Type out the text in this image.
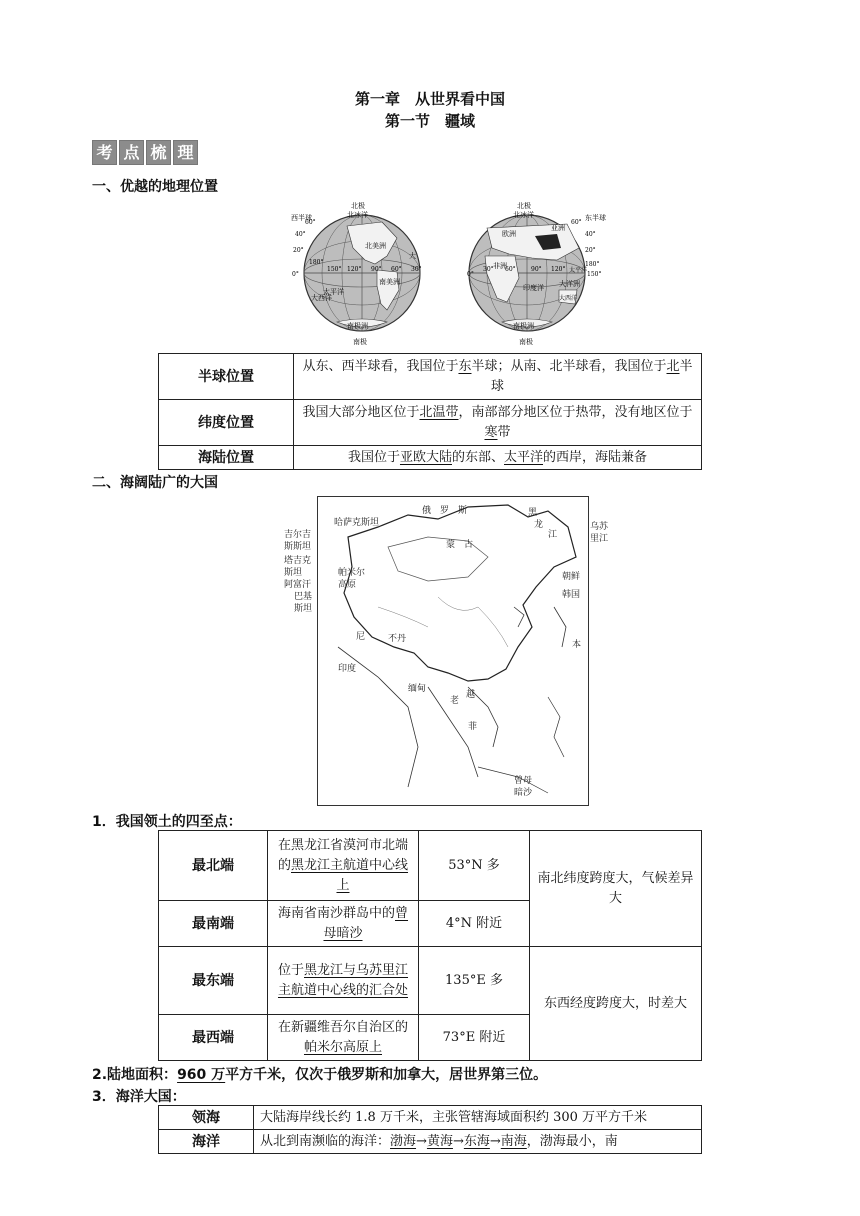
第一章　从世界看中国
第一节　疆域
考 点 梳 理
一、优越的地理位置
北极
北冰洋
西半球
北美洲
大
南美洲
太平洋
大西洋
南极洲
南极
20°
40°
60°
0°
150°
180°
120° 90° 60° 30°
北极
北冰洋	东半球
欧洲
亚洲
非洲
印度洋 大洋洲
南极洲
南极
太平洋
大西洋
20°
40°
60°
0°
30° 60°	90° 120°
150°
180°
半球位置	从东、西半球看，我国位于东半球；从南、北半球看，我国位于北半球
纬度位置	我国大部分地区位于北温带，南部部分地区位于热带，没有地区位于寒带
海陆位置	我国位于亚欧大陆的东部、太平洋的西岸，海陆兼备
二、海阔陆广的大国
哈萨克斯坦
俄　罗　斯	黑
龙
江
乌苏
里江
蒙　古
吉尔吉
斯斯坦
塔吉克
斯坦
阿富汗
巴基
斯坦
帕米尔
高原
朝鲜
韩国
尼	不丹
印度
本
缅甸
老
越
菲
曾母
暗沙
1．我国领土的四至点：
最北端	在黑龙江省漠河市北端的黑龙江主航道中心线上	53°N 多	南北纬度跨度大，气候差异大
最南端	海南省南沙群岛中的曾母暗沙	4°N 附近	
最东端	位于黑龙江与乌苏里江主航道中心线的汇合处	135°E 多	东西经度跨度大，时差大
最西端	在新疆维吾尔自治区的帕米尔高原上	73°E 附近	
2.陆地面积：960 万平方千米，仅次于俄罗斯和加拿大，居世界第三位。
3．海洋大国：
领海	大陆海岸线长约 1.8 万千米，主张管辖海域面积约 300 万平方千米
海洋	从北到南濒临的海洋：渤海→黄海→东海→南海，渤海最小，南
